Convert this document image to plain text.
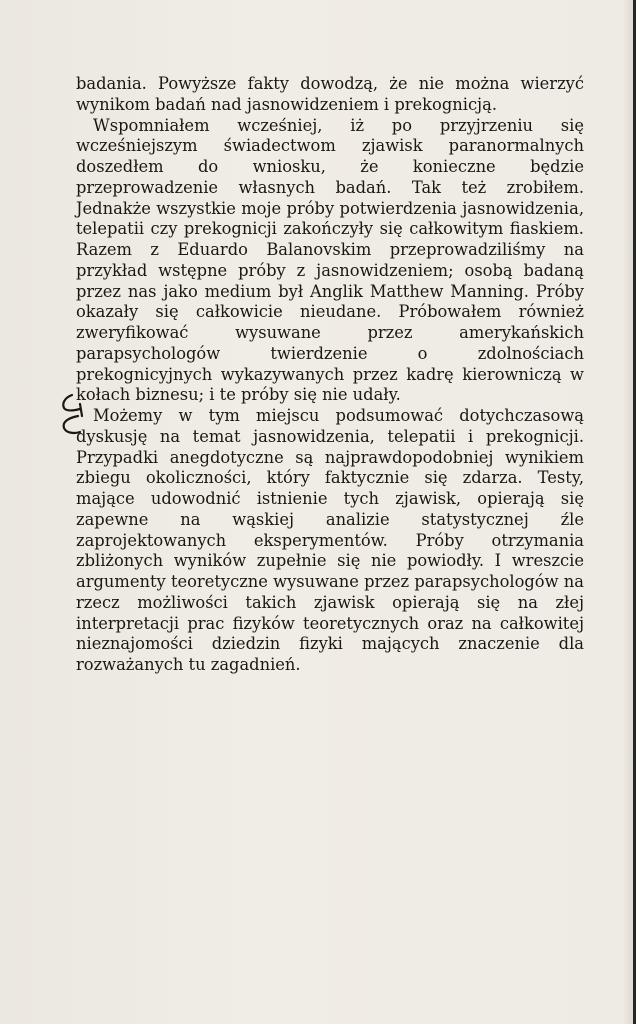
badania. Powyższe fakty dowodzą, że nie można wierzyć wynikom badań nad jasnowidzeniem i prekognicją.

Wspomniałem wcześniej, iż po przyjrzeniu się wcześniejszym świadectwom zjawisk paranormalnych doszedłem do wniosku, że konieczne będzie przeprowadzenie własnych badań. Tak też zrobiłem. Jednakże wszystkie moje próby potwierdzenia jasnowidzenia, telepatii czy prekognicji zakończyły się całkowitym fiaskiem. Razem z Eduardo Balanovskim przeprowadziliśmy na przykład wstępne próby z jasnowidzeniem; osobą badaną przez nas jako medium był Anglik Matthew Manning. Próby okazały się całkowicie nieudane. Próbowałem również zweryfikować wysuwane przez amerykańskich parapsychologów twierdzenie o zdolnościach prekognicyjnych wykazywanych przez kadrę kierowniczą w kołach biznesu; i te próby się nie udały.

Możemy w tym miejscu podsumować dotychczasową dyskusję na temat jasnowidzenia, telepatii i prekognicji. Przypadki anegdotyczne są najprawdopodobniej wynikiem zbiegu okoliczności, który faktycznie się zdarza. Testy, mające udowodnić istnienie tych zjawisk, opierają się zapewne na wąskiej analizie statystycznej źle zaprojektowanych eksperymentów. Próby otrzymania zbliżonych wyników zupełnie się nie powiodły. I wreszcie argumenty teoretyczne wysuwane przez parapsychologów na rzecz możliwości takich zjawisk opierają się na złej interpretacji prac fizyków teoretycznych oraz na całkowitej nieznajomości dziedzin fizyki mających znaczenie dla rozważanych tu zagadnień.
